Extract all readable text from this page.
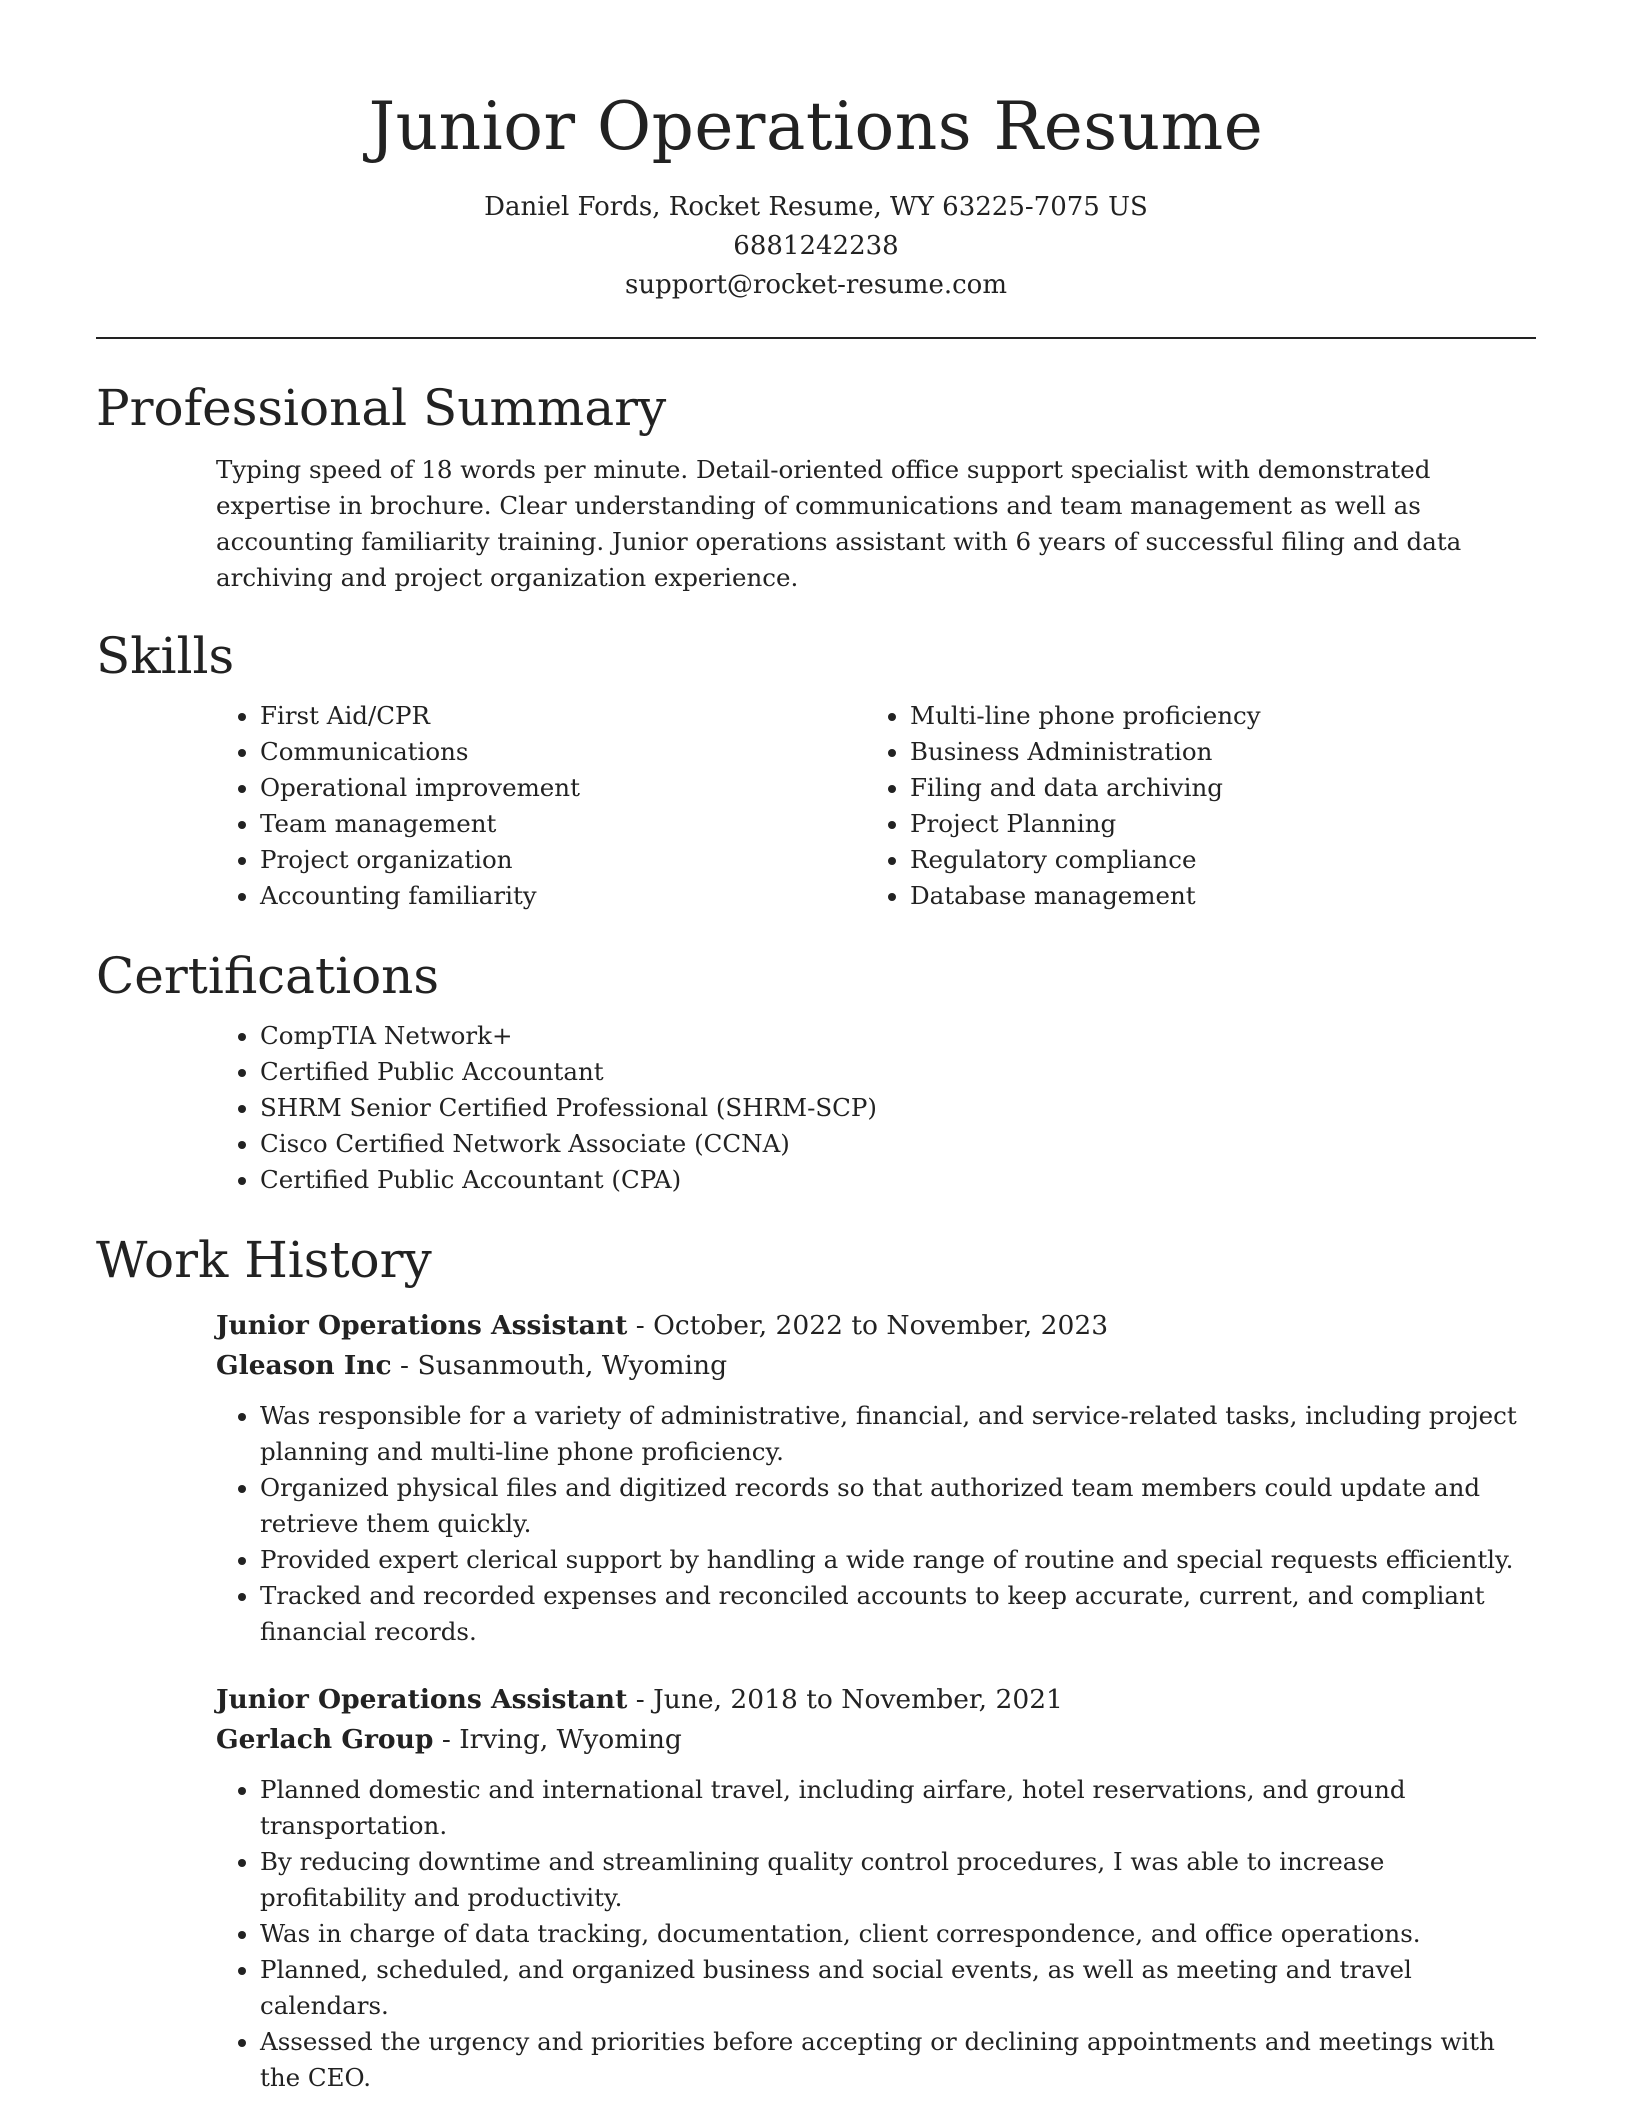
Junior Operations Resume
Daniel Fords, Rocket Resume, WY 63225-7075 US
6881242238
support@rocket-resume.com
Professional Summary
Typing speed of 18 words per minute. Detail-oriented office support specialist with demonstrated expertise in brochure. Clear understanding of communications and team management as well as accounting familiarity training. Junior operations assistant with 6 years of successful filing and data archiving and project organization experience.
Skills
• First Aid/CPR
• Communications
• Operational improvement
• Team management
• Project organization
• Accounting familiarity
• Multi-line phone proficiency
• Business Administration
• Filing and data archiving
• Project Planning
• Regulatory compliance
• Database management
Certifications
• CompTIA Network+
• Certified Public Accountant
• SHRM Senior Certified Professional (SHRM-SCP)
• Cisco Certified Network Associate (CCNA)
• Certified Public Accountant (CPA)
Work History
Junior Operations Assistant - October, 2022 to November, 2023
Gleason Inc - Susanmouth, Wyoming
• Was responsible for a variety of administrative, financial, and service-related tasks, including project planning and multi-line phone proficiency.
• Organized physical files and digitized records so that authorized team members could update and retrieve them quickly.
• Provided expert clerical support by handling a wide range of routine and special requests efficiently.
• Tracked and recorded expenses and reconciled accounts to keep accurate, current, and compliant financial records.
Junior Operations Assistant - June, 2018 to November, 2021
Gerlach Group - Irving, Wyoming
• Planned domestic and international travel, including airfare, hotel reservations, and ground transportation.
• By reducing downtime and streamlining quality control procedures, I was able to increase profitability and productivity.
• Was in charge of data tracking, documentation, client correspondence, and office operations.
• Planned, scheduled, and organized business and social events, as well as meeting and travel calendars.
• Assessed the urgency and priorities before accepting or declining appointments and meetings with the CEO.
